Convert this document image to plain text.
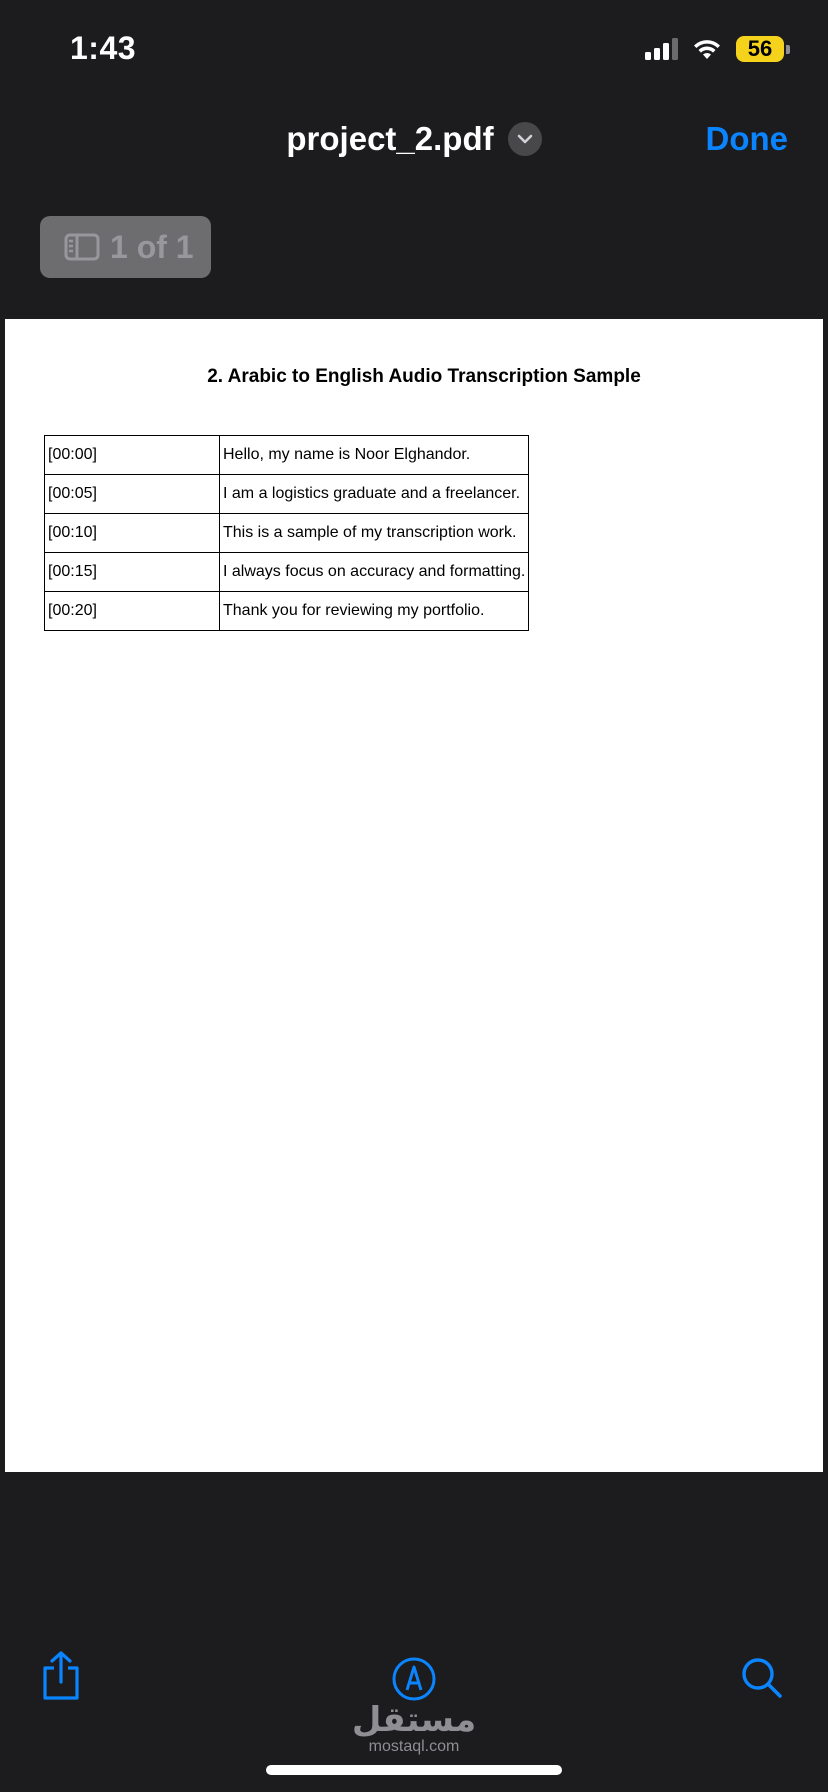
1:43	56
project_2.pdf	Done
1 of 1
2. Arabic to English Audio Transcription Sample
[00:00]	Hello, my name is Noor Elghandor.
[00:05]	I am a logistics graduate and a freelancer.
[00:10]	This is a sample of my transcription work.
[00:15]	I always focus on accuracy and formatting.
[00:20]	Thank you for reviewing my portfolio.
مستقل
mostaql.com
